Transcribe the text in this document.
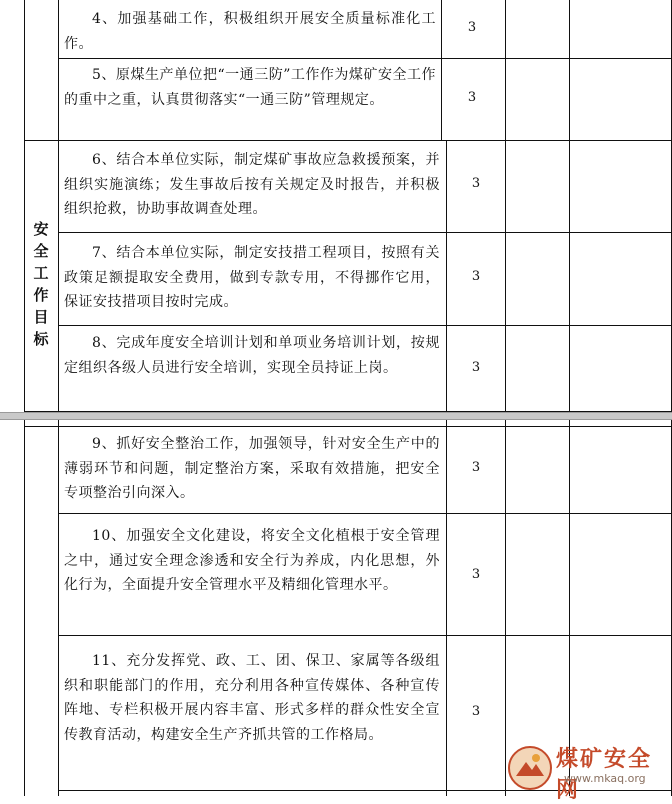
安
全
工
作
目
标
4、加强基础工作，积极组织开展安全质量标准化工作。
3
5、原煤生产单位把“一通三防”工作作为煤矿安全工作的重中之重，认真贯彻落实“一通三防”管理规定。	3
6、结合本单位实际，制定煤矿事故应急救援预案，并组织实施演练；发生事故后按有关规定及时报告，并积极组织抢救，协助事故调查处理。
3
7、结合本单位实际，制定安技措工程项目，按照有关政策足额提取安全费用，做到专款专用，不得挪作它用，保证安技措项目按时完成。
3
8、完成年度安全培训计划和单项业务培训计划，按规定组织各级人员进行安全培训，实现全员持证上岗。	3
9、抓好安全整治工作，加强领导，针对安全生产中的薄弱环节和问题，制定整治方案，采取有效措施，把安全专项整治引向深入。
3
10、加强安全文化建设，将安全文化植根于安全管理之中，通过安全理念渗透和安全行为养成，内化思想，外化行为，全面提升安全管理水平及精细化管理水平。
3
11、充分发挥党、政、工、团、保卫、家属等各级组织和职能部门的作用，充分利用各种宣传媒体、各种宣传阵地、专栏积极开展内容丰富、形式多样的群众性安全宣传教育活动，构建安全生产齐抓共管的工作格局。
3
煤矿安全网
www.mkaq.org
